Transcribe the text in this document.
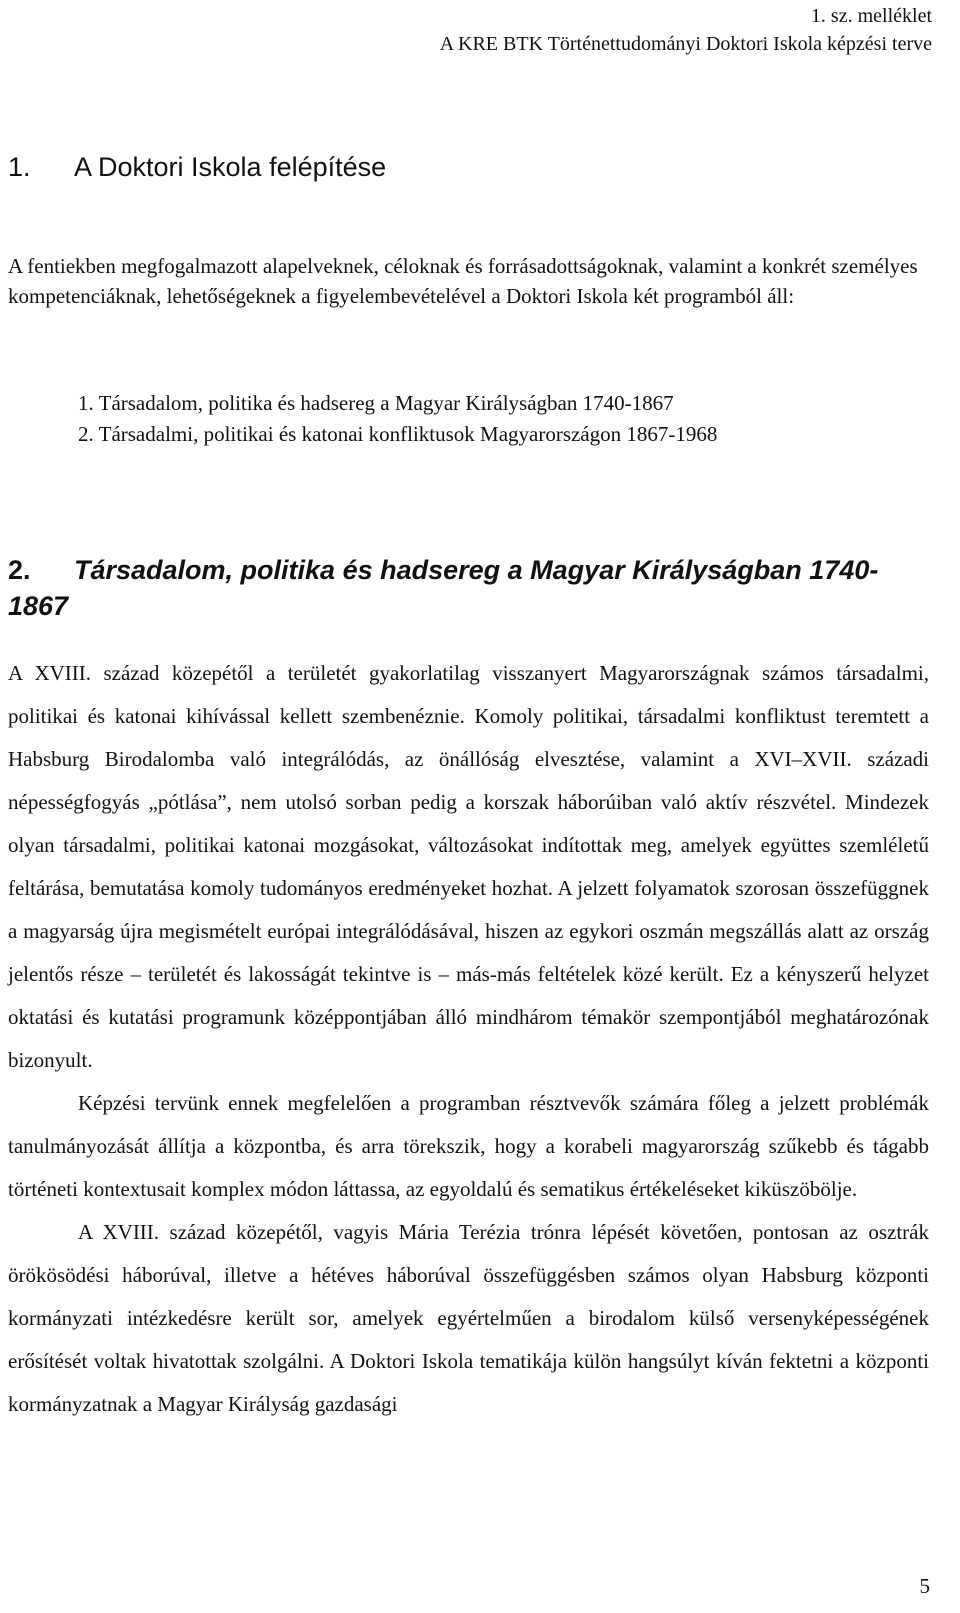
1. sz. melléklet
A KRE BTK Történettudományi Doktori Iskola képzési terve
1. A Doktori Iskola felépítése

A fentiekben megfogalmazott alapelveknek, céloknak és forrásadottságoknak, valamint a konkrét személyes kompetenciáknak, lehetőségeknek a figyelembevételével a Doktori Iskola két programból áll:

1. Társadalom, politika és hadsereg a Magyar Királyságban 1740-1867
2. Társadalmi, politikai és katonai konfliktusok Magyarországon 1867-1968
2. Társadalom, politika és hadsereg a Magyar Királyságban 1740-1867

A XVIII. század közepétől a területét gyakorlatilag visszanyert Magyarországnak számos társadalmi, politikai és katonai kihívással kellett szembenéznie. Komoly politikai, társadalmi konfliktust teremtett a Habsburg Birodalomba való integrálódás, az önállóság elvesztése, valamint a XVI–XVII. századi népességfogyás „pótlása”, nem utolsó sorban pedig a korszak háborúiban való aktív részvétel. Mindezek olyan társadalmi, politikai katonai mozgásokat, változásokat indítottak meg, amelyek együttes szemléletű feltárása, bemutatása komoly tudományos eredményeket hozhat. A jelzett folyamatok szorosan összefüggnek a magyarság újra megismételt európai integrálódásával, hiszen az egykori oszmán megszállás alatt az ország jelentős része – területét és lakosságát tekintve is – más-más feltételek közé került. Ez a kényszerű helyzet oktatási és kutatási programunk középpontjában álló mindhárom témakör szempontjából meghatározónak bizonyult.

Képzési tervünk ennek megfelelően a programban résztvevők számára főleg a jelzett problémák tanulmányozását állítja a központba, és arra törekszik, hogy a korabeli magyarország szűkebb és tágabb történeti kontextusait komplex módon láttassa, az egyoldalú és sematikus értékeléseket kiküszöbölje.

A XVIII. század közepétől, vagyis Mária Terézia trónra lépését követően, pontosan az osztrák örökösödési háborúval, illetve a hétéves háborúval összefüggésben számos olyan Habsburg központi kormányzati intézkedésre került sor, amelyek egyértelműen a birodalom külső versenyképességének erősítését voltak hivatottak szolgálni. A Doktori Iskola tematikája külön hangsúlyt kíván fektetni a központi kormányzatnak a Magyar Királyság gazdasági

5
